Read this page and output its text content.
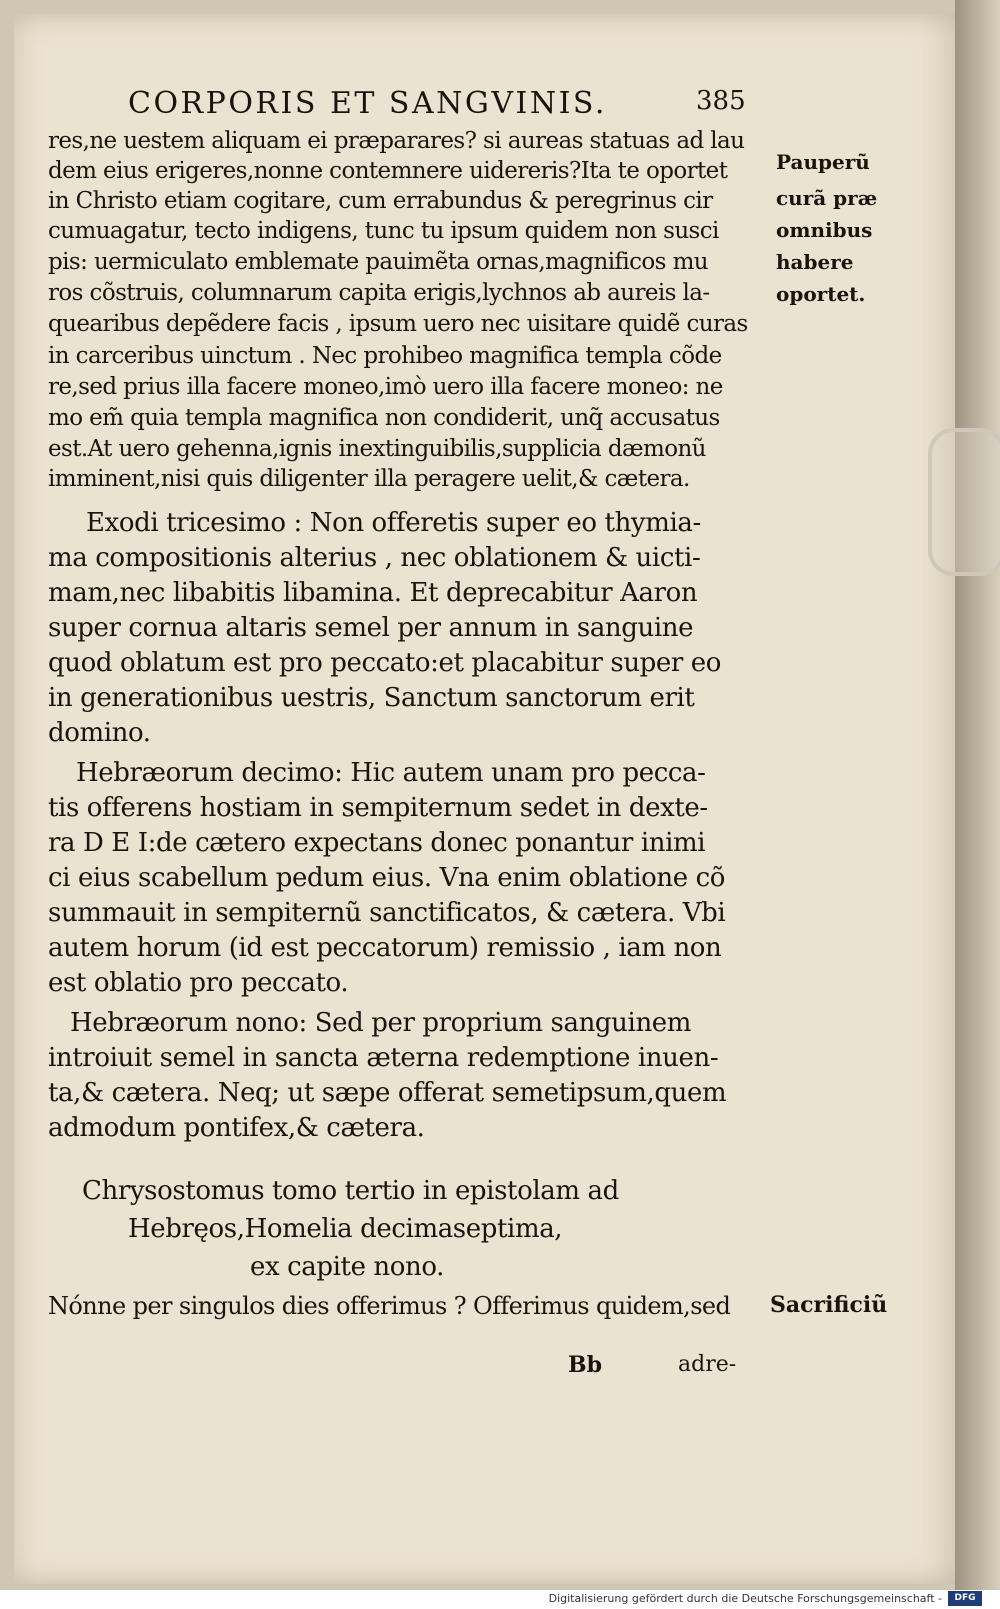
CORPORIS ET SANGVINIS.	385
res,ne uestem aliquam ei præparares? si aureas statuas ad lau
dem eius erigeres,nonne contemnere uidereris?Ita te oportet
in Christo etiam cogitare, cum errabundus & peregrinus cir
cumuagatur, tecto indigens, tunc tu ipsum quidem non susci
pis: uermiculato emblemate pauimẽta ornas,magnificos mu
ros cõstruis, columnarum capita erigis,lychnos ab aureis la-
quearibus depẽdere facis , ipsum uero nec uisitare quidẽ curas
in carceribus uinctum . Nec prohibeo magnifica templa cõde
re,sed prius illa facere moneo,imò uero illa facere moneo: ne
mo em̃ quia templa magnifica non condiderit, unq̃ accusatus
est.At uero gehenna,ignis inextinguibilis,supplicia dæmonũ
imminent,nisi quis diligenter illa peragere uelit,& cætera.
Pauperũ
curã præ
omnibus
habere
oportet.
Exodi tricesimo : Non offeretis super eo thymia-
ma compositionis alterius , nec oblationem & uicti-
mam,nec libabitis libamina. Et deprecabitur Aaron
super cornua altaris semel per annum in sanguine
quod oblatum est pro peccato:et placabitur super eo
in generationibus uestris, Sanctum sanctorum erit
domino.
Hebræorum decimo: Hic autem unam pro pecca-
tis offerens hostiam in sempiternum sedet in dexte-
ra D E I:de cætero expectans donec ponantur inimi
ci eius scabellum pedum eius. Vna enim oblatione cõ
summauit in sempiternũ sanctificatos, & cætera. Vbi
autem horum (id est peccatorum) remissio , iam non
est oblatio pro peccato.
Hebræorum nono: Sed per proprium sanguinem
introiuit semel in sancta æterna redemptione inuen-
ta,& cætera. Neq; ut sæpe offerat semetipsum,quem
admodum pontifex,& cætera.
Chrysostomus tomo tertio in epistolam ad
Hebręos,Homelia decimaseptima,
ex capite nono.
Nónne per singulos dies offerimus ? Offerimus quidem,sed Sacrificiũ
Bb	adre-
Digitalisierung gefördert durch die Deutsche Forschungsgemeinschaft -	DFG
